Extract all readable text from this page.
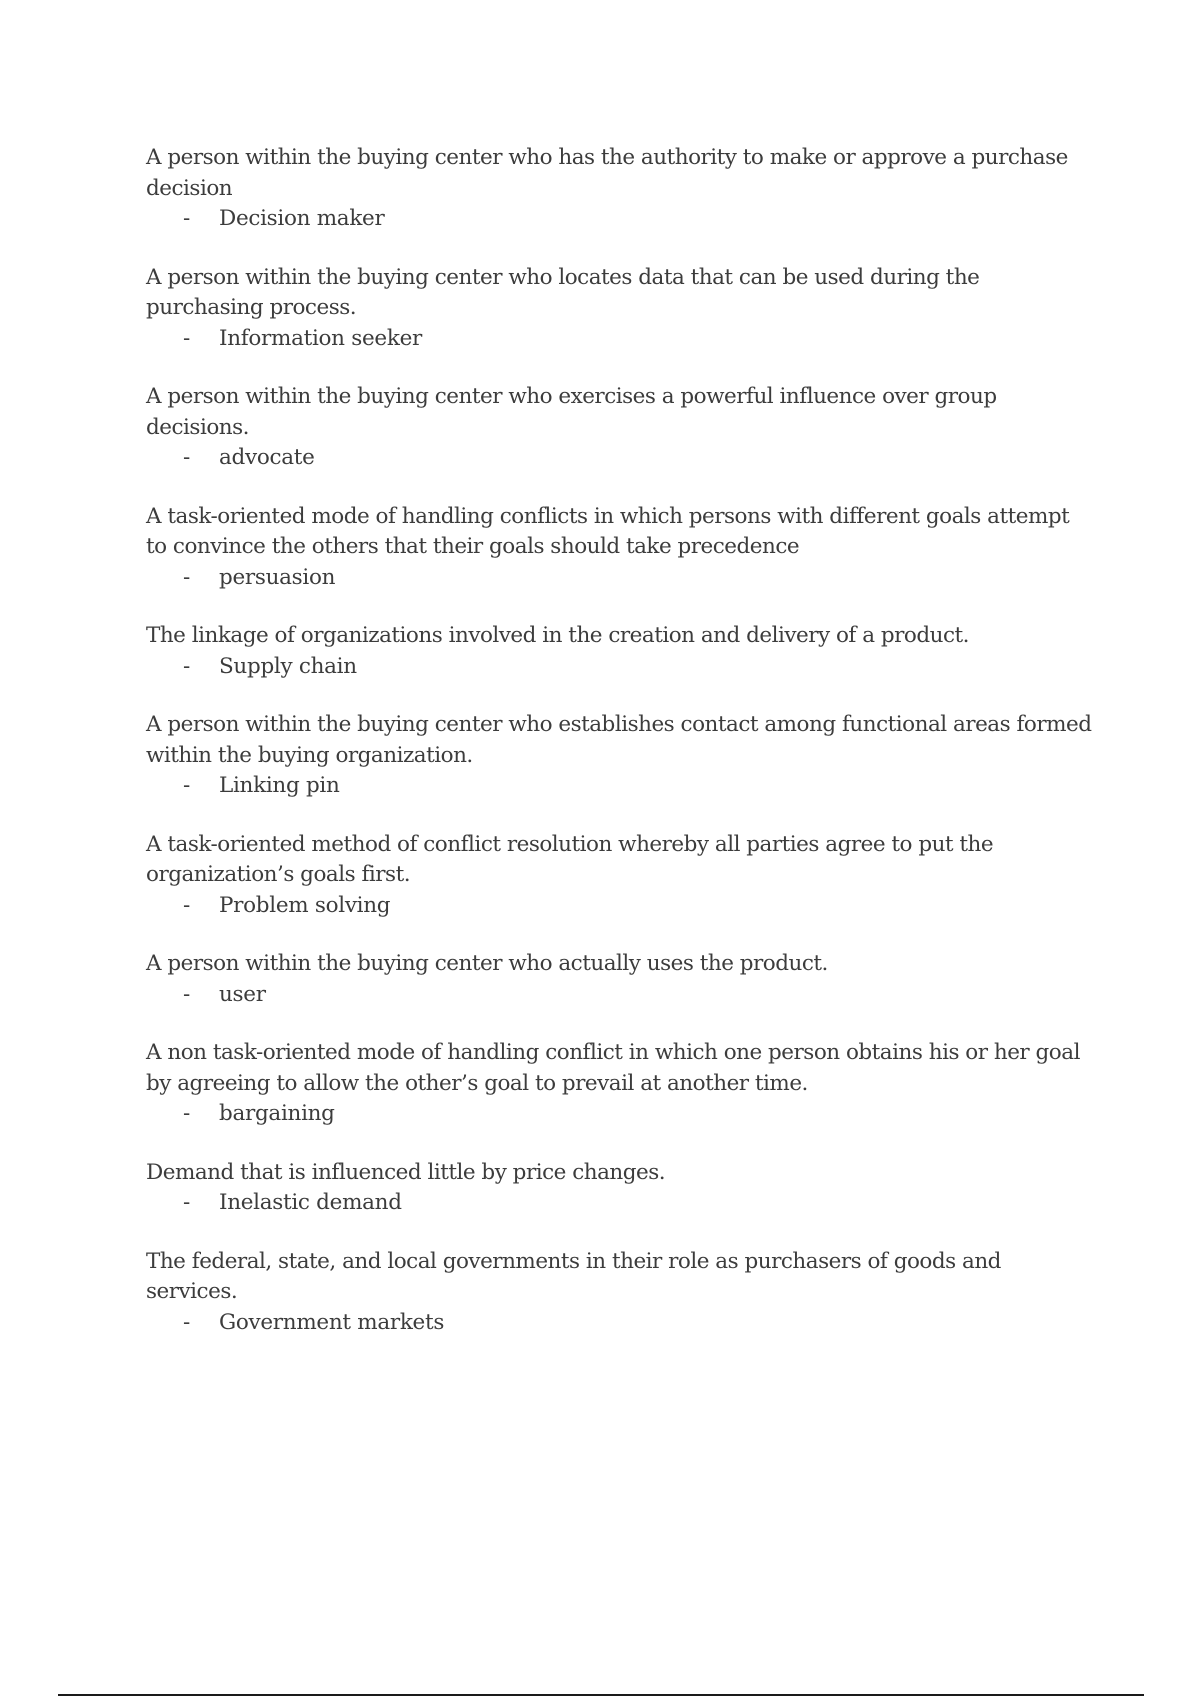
A person within the buying center who has the authority to make or approve a purchase decision

- Decision maker

A person within the buying center who locates data that can be used during the purchasing process.

- Information seeker

A person within the buying center who exercises a powerful influence over group decisions.

- advocate

A task-oriented mode of handling conflicts in which persons with different goals attempt to convince the others that their goals should take precedence

- persuasion

The linkage of organizations involved in the creation and delivery of a product.

- Supply chain

A person within the buying center who establishes contact among functional areas formed within the buying organization.

- Linking pin

A task-oriented method of conflict resolution whereby all parties agree to put the organization’s goals first.

- Problem solving

A person within the buying center who actually uses the product.

- user

A non task-oriented mode of handling conflict in which one person obtains his or her goal by agreeing to allow the other’s goal to prevail at another time.

- bargaining

Demand that is influenced little by price changes.

- Inelastic demand

The federal, state, and local governments in their role as purchasers of goods and services.

- Government markets
